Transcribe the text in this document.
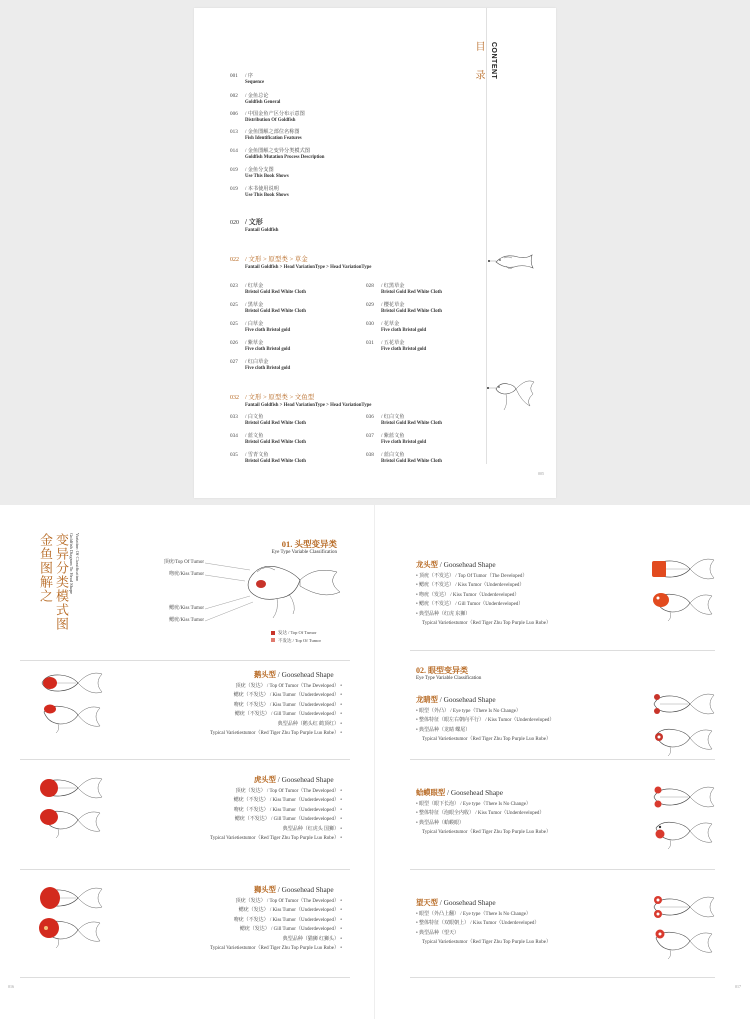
目 录 CONTENT
001 / 序
Sequence
002 / 金鱼总论
Goldfish General
006 / 中国金鱼产区分布示意图
Distribution Of Goldfish
013 / 金鱼图解之部位名称图
Fish Identification Features
014 / 金鱼图解之变异分类模式图
Goldfish Mutation Process Description
019 / 金鱼分支图
Use This Book Shows
019 / 本书使用说明
Use This Book Shows
020 / 文形
Fantail Goldfish
022 / 文形 > 原型类 > 草金
Fantail Goldfish > Head VariationType > Head VariationType
023 / 红草金
Bristol Gold Red White Cloth
025 / 黑草金
Bristol Gold Red White Cloth
025 / 白草金
Five cloth Bristol gold
026 / 紫草金
Five cloth Bristol gold
027 / 红白草金
Five cloth Bristol gold
028 / 红黑草金
Bristol Gold Red White Cloth
029 / 樱花草金
Bristol Gold Red White Cloth
030 / 花草金
Five cloth Bristol gold
031 / 五花草金
Five cloth Bristol gold
032 / 文形 > 原型类 > 文鱼型
Fantail Goldfish > Head VariationType > Head VariationType
033 / 白文鱼
Bristol Gold Red White Cloth
034 / 蓝文鱼
Bristol Gold Red White Cloth
035 / 雪青文鱼
Bristol Gold Red White Cloth
036 / 红白文鱼
Bristol Gold Red White Cloth
037 / 紫蓝文鱼
Five cloth Bristol gold
038 / 蓝白文鱼
Bristol Gold Red White Cloth
005
金鱼图解之 变异分类模式图 Goldfish Diagram To Head Shape Variation Of Classification	01. 头型变异类
Eye Type Variable Classification
顶疣/Top Of Tumor
吻疣/Kiss Tumor
鳃疣/Kiss Tumor
鳃疣/Kiss Tumor
发达 / Top Of Tumor
不发达 / Top Of Tumor
鹅头型 / Goosehead Shape
顶疣（发达） / Top Of Tumor（The Developed） •
鳃疣（不发达） / Kiss Tumor（Underdeveloped） •
吻疣（不发达） / Kiss Tumor（Underdeveloped） •
鳃疣（不发达） / Gill Tumor（Underdeveloped） •
典型品种（鹅头红 鹤顶红） •
Typical Varietiestumor（Red Tiger Zhu Top Purple Luo Robe） •
虎头型 / Goosehead Shape
顶疣（发达） / Top Of Tumor（The Developed） •
鳃疣（不发达） / Kiss Tumor（Underdeveloped） •
吻疣（不发达） / Kiss Tumor（Underdeveloped） •
鳃疣（不发达） / Gill Tumor（Underdeveloped） •
典型品种（红虎头 国狮） •
Typical Varietiestumor（Red Tiger Zhu Top Purple Luo Robe） •
狮头型 / Goosehead Shape
顶疣（发达） / Top Of Tumor（The Developed） •
鳃疣（发达） / Kiss Tumor（Underdeveloped） •
吻疣（不发达） / Kiss Tumor（Underdeveloped） •
鳃疣（发达） / Gill Tumor（Underdeveloped） •
典型品种（猫狮 红狮头） •
Typical Varietiestumor（Red Tiger Zhu Top Purple Luo Robe） •
02. 眼型变异类
Eye Type Variable Classification
龙头型 / Goosehead Shape
• 顶疣（不发达） / Top Of Tumor（The Developed）
• 鳃疣（不发达） / Kiss Tumor（Underdeveloped）
• 吻疣（发达） / Kiss Tumor（Underdeveloped）
• 鳃疣（不发达） / Gill Tumor（Underdeveloped）
• 典型品种（红虎 东狮）
Typical Varietiestumor（Red Tiger Zhu Top Purple Luo Robe）
龙睛型 / Goosehead Shape
• 眼型（外凸） / Eye type（There Is No Change）
• 整体特征（眼左右朝向平行） / Kiss Tumor（Underdeveloped）
• 典型品种（龙睛 蝶尾）
Typical Varietiestumor（Red Tiger Zhu Top Purple Luo Robe）
蛤蟆眼型 / Goosehead Shape
• 眼型（眼下长泡） / Eye type（There Is No Change）
• 整体特征（泡眼全内收） / Kiss Tumor（Underdeveloped）
• 典型品种（蛤蟆眼）
Typical Varietiestumor（Red Tiger Zhu Top Purple Luo Robe）
望天型 / Goosehead Shape
• 眼型（外凸上翻） / Eye type（There Is No Change）
• 整体特征（双眼朝上） / Kiss Tumor（Underdeveloped）
• 典型品种（望天）
Typical Varietiestumor（Red Tiger Zhu Top Purple Luo Robe）
016	017
